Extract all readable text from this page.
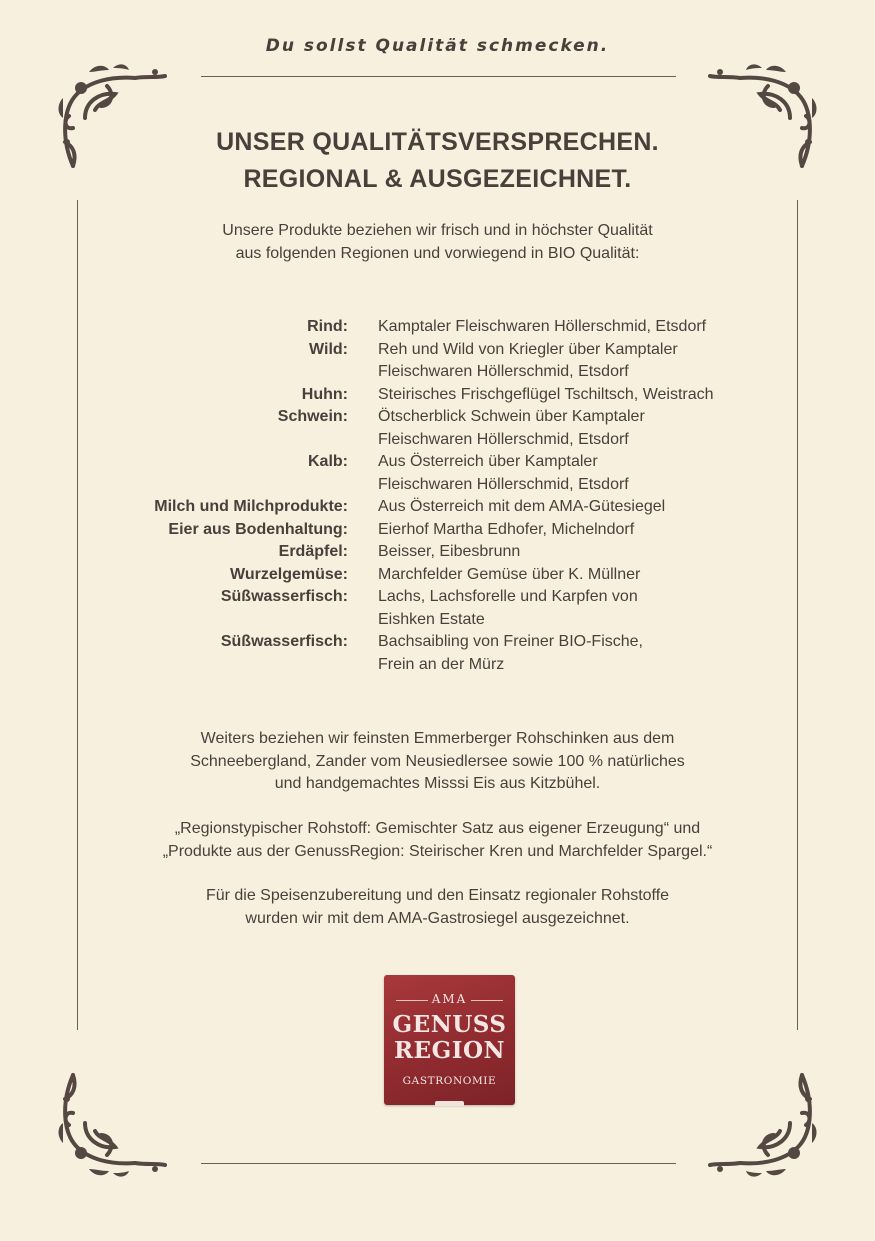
Du sollst Qualität schmecken.
UNSER QUALITÄTSVERSPRECHEN.
REGIONAL & AUSGEZEICHNET.
Unsere Produkte beziehen wir frisch und in höchster Qualität
aus folgenden Regionen und vorwiegend in BIO Qualität:
Rind: Kamptaler Fleischwaren Höllerschmid, Etsdorf
Wild: Reh und Wild von Kriegler über Kamptaler
Fleischwaren Höllerschmid, Etsdorf
Huhn: Steirisches Frischgeflügel Tschiltsch, Weistrach
Schwein: Ötscherblick Schwein über Kamptaler
Fleischwaren Höllerschmid, Etsdorf
Kalb: Aus Österreich über Kamptaler
Fleischwaren Höllerschmid, Etsdorf
Milch und Milchprodukte: Aus Österreich mit dem AMA-Gütesiegel
Eier aus Bodenhaltung: Eierhof Martha Edhofer, Michelndorf
Erdäpfel: Beisser, Eibesbrunn
Wurzelgemüse: Marchfelder Gemüse über K. Müllner
Süßwasserfisch: Lachs, Lachsforelle und Karpfen von
Eishken Estate
Süßwasserfisch: Bachsaibling von Freiner BIO-Fische,
Frein an der Mürz
Weiters beziehen wir feinsten Emmerberger Rohschinken aus dem
Schneebergland, Zander vom Neusiedlersee sowie 100 % natürliches
und handgemachtes Misssi Eis aus Kitzbühel.
„Regionstypischer Rohstoff: Gemischter Satz aus eigener Erzeugung“ und
„Produkte aus der GenussRegion: Steirischer Kren und Marchfelder Spargel.“
Für die Speisenzubereitung und den Einsatz regionaler Rohstoffe
wurden wir mit dem AMA-Gastrosiegel ausgezeichnet.
AMA
GENUSS
REGION
GASTRONOMIE
